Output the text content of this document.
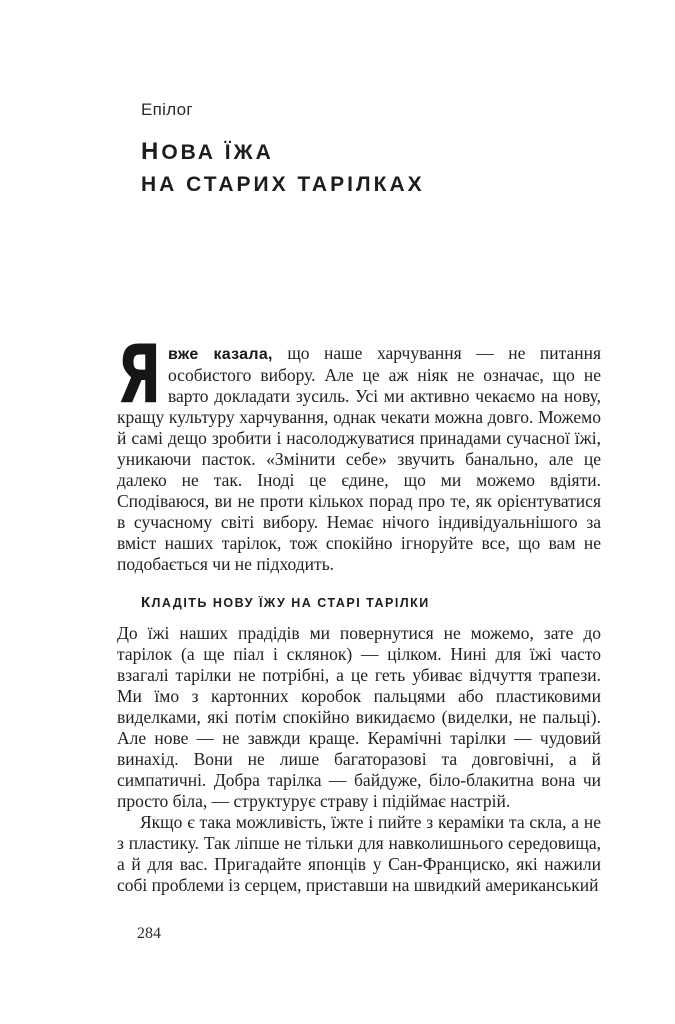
Епілог
НОВА ЇЖА
НА СТАРИХ ТАРІЛКАХ

Явже казала, що наше харчування — не питання особистого вибору. Але це аж ніяк не означає, що не варто докладати зусиль. Усі ми активно чекаємо на нову, кращу культуру харчування, однак чекати можна довго. Можемо й самі дещо зробити і насолоджуватися принадами сучасної їжі, уникаючи пасток. «Змінити себе» звучить банально, але це далеко не так. Іноді це єдине, що ми можемо вдіяти. Сподіваюся, ви не проти кількох порад про те, як орієнтуватися в сучасному світі вибору. Немає нічого індивідуальнішого за вміст наших тарілок, тож спокійно ігноруйте все, що вам не подобається чи не підходить.

КЛАДІТЬ НОВУ ЇЖУ НА СТАРІ ТАРІЛКИ

До їжі наших прадідів ми повернутися не можемо, зате до тарілок (а ще піал і склянок) — цілком. Нині для їжі часто взагалі тарілки не потрібні, а це геть убиває відчуття трапези. Ми їмо з картонних коробок пальцями або пластиковими виделками, які потім спокійно викидаємо (виделки, не пальці). Але нове — не завжди краще. Керамічні тарілки — чудовий винахід. Вони не лише багаторазові та довговічні, а й симпатичні. Добра тарілка — байдуже, біло-блакитна вона чи просто біла, — структурує страву і підіймає настрій.

Якщо є така можливість, їжте і пийте з кераміки та скла, а не з пластику. Так ліпше не тільки для навколишнього середовища, а й для вас. Пригадайте японців у Сан-Франциско, які нажили собі проблеми із серцем, приставши на швидкий американський

284
